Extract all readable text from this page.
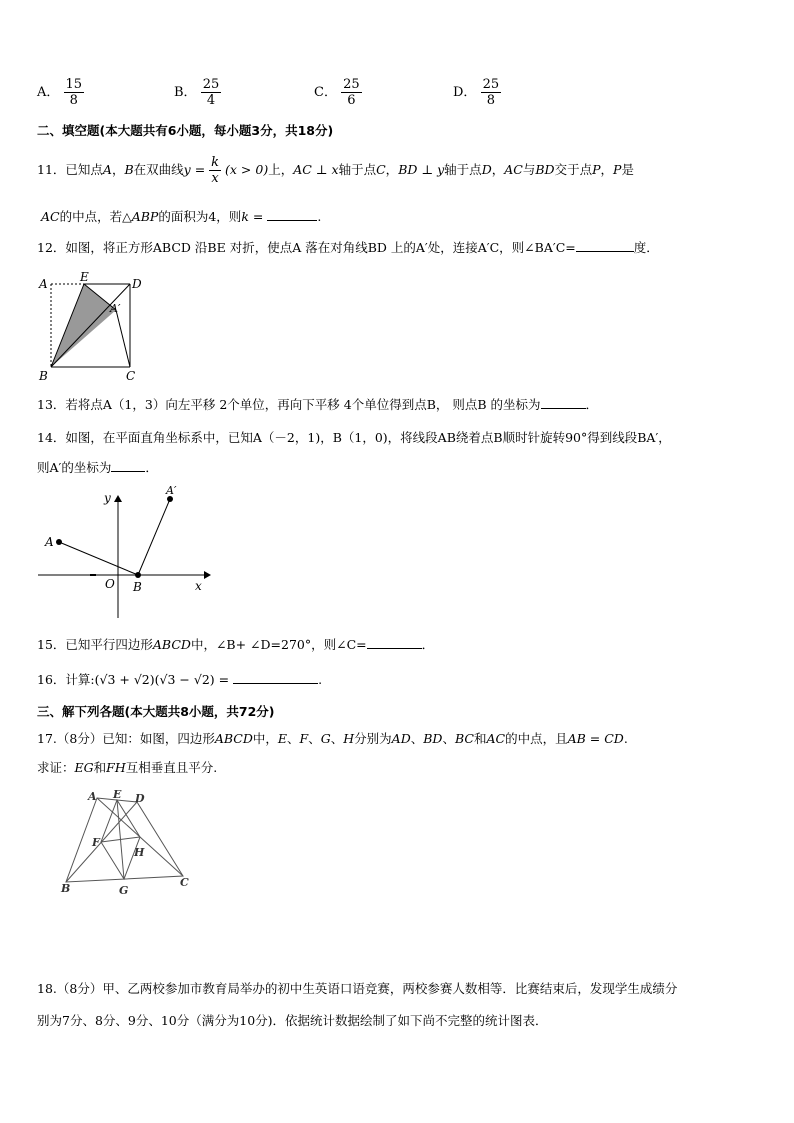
A． $\frac{15}{8}$	B． $\frac{25}{4}$	C． $\frac{25}{6}$	D． $\frac{25}{8}$
二、填空题(本大题共有6小题，每小题3分，共18分)
11．已知点A，B在双曲线$y = \frac{k}{x} (x > 0)$上，AC ⊥ x轴于点C，BD ⊥ y轴于点D，AC与BD交于点P，P是
AC的中点，若△ABP的面积为4，则k =	.
12．如图，将正方形ABCD 沿BE 对折，使点A 落在对角线BD 上的A′处，连接A′C，则∠BA′C=	度．
A	E	D
A′
B	C
13．若将点A（1，3）向左平移 2个单位，再向下平移 4个单位得到点B， 则点B 的坐标为	．
14．如图，在平面直角坐标系中，已知A（－2，1)，B（1，0)，将线段AB绕着点B顺时针旋转90°得到线段BA′，
则A′的坐标为	．
y
A′
A
O B	x
15．已知平行四边形ABCD中，∠B+ ∠D=270°，则∠C=	．
16．计算:(√3 + √2)(√3 − √2) =	.
三、解下列各题(本大题共8小题，共72分)
17.（8分）已知：如图，四边形ABCD中，E、F、G、H分别为AD、BD、BC和AC的中点，且AB = CD.
求证：EG和FH互相垂直且平分.
A E D
F
H
B	G
C
18.（8分）甲、乙两校参加市教育局举办的初中生英语口语竞赛，两校参赛人数相等．比赛结束后，发现学生成绩分
别为7分、8分、9分、10分（满分为10分)．依据统计数据绘制了如下尚不完整的统计图表．
